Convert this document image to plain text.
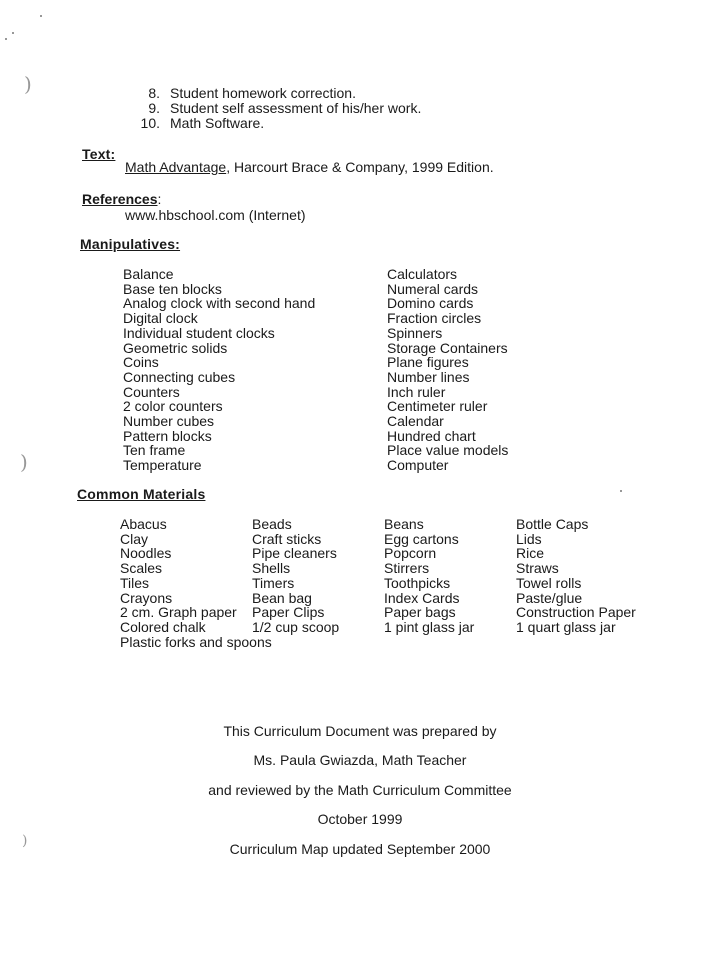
)
)
)
8. Student homework correction.
9. Student self assessment of his/her work.
10. Math Software.
Text:
Math Advantage, Harcourt Brace & Company, 1999 Edition.
References:
www.hbschool.com (Internet)
Manipulatives:
Balance
Base ten blocks
Analog clock with second hand
Digital clock
Individual student clocks
Geometric solids
Coins
Connecting cubes
Counters
2 color counters
Number cubes
Pattern blocks
Ten frame
Temperature
Calculators
Numeral cards
Domino cards
Fraction circles
Spinners
Storage Containers
Plane figures
Number lines
Inch ruler
Centimeter ruler
Calendar
Hundred chart
Place value models
Computer
Common Materials
Abacus
Clay
Noodles
Scales
Tiles
Crayons
2 cm. Graph paper
Colored chalk
Plastic forks and spoons
Beads
Craft sticks
Pipe cleaners
Shells
Timers
Bean bag
Paper Clips
1/2 cup scoop
Beans
Egg cartons
Popcorn
Stirrers
Toothpicks
Index Cards
Paper bags
1 pint glass jar
Bottle Caps
Lids
Rice
Straws
Towel rolls
Paste/glue
Construction Paper
1 quart glass jar
This Curriculum Document was prepared by
Ms. Paula Gwiazda, Math Teacher
and reviewed by the Math Curriculum Committee
October 1999
Curriculum Map updated September 2000
